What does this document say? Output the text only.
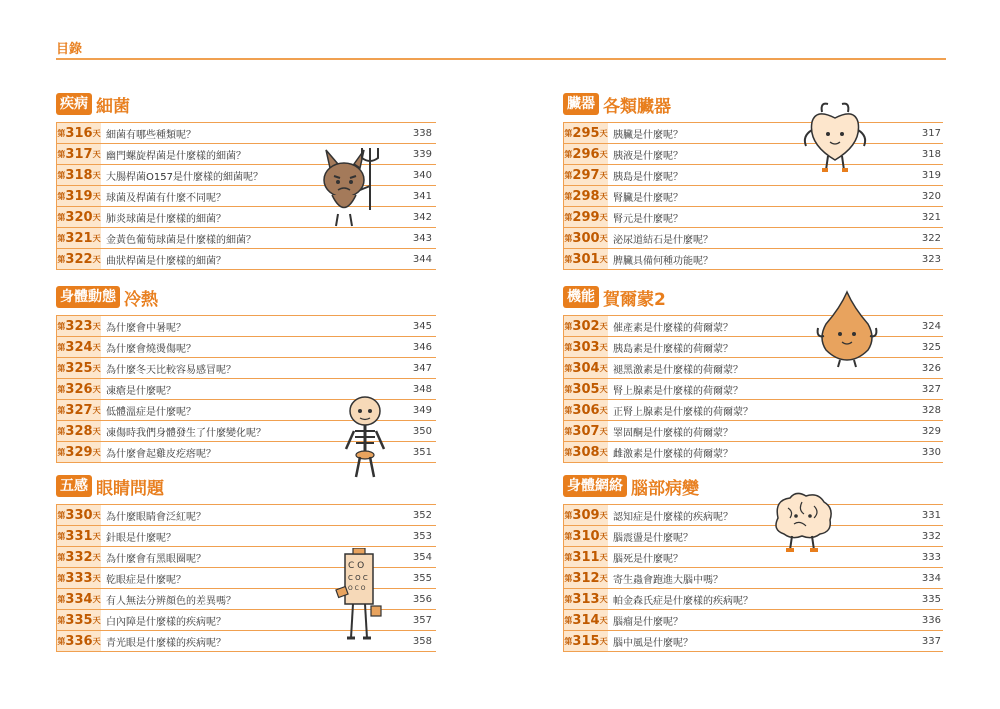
目錄
疾病 細菌
第 316 天 細菌有哪些種類呢？	338
第 317 天 幽門螺旋桿菌是什麼樣的細菌？	339
第 318 天 大腸桿菌O157是什麼樣的細菌呢？	340
第 319 天 球菌及桿菌有什麼不同呢？	341
第 320 天 肺炎球菌是什麼樣的細菌？	342
第 321 天 金黃色葡萄球菌是什麼樣的細菌？	343
第 322 天 曲狀桿菌是什麼樣的細菌？	344
身體動態 冷熱
第 323 天 為什麼會中暑呢？	345
第 324 天 為什麼會燒燙傷呢？	346
第 325 天 為什麼冬天比較容易感冒呢？	347
第 326 天 凍瘡是什麼呢？	348
第 327 天 低體溫症是什麼呢？	349
第 328 天 凍傷時我們身體發生了什麼變化呢？	350
第 329 天 為什麼會起雞皮疙瘩呢？	351
五感 眼睛問題
第 330 天 為什麼眼睛會泛紅呢？	352
第 331 天 針眼是什麼呢？	353
第 332 天 為什麼會有黑眼圈呢？	354
第 333 天 乾眼症是什麼呢？	355
第 334 天 有人無法分辨顏色的差異嗎？	356
第 335 天 白內障是什麼樣的疾病呢？	357
第 336 天 青光眼是什麼樣的疾病呢？	358
臟器 各類臟器
第 295 天 胰臟是什麼呢？	317
第 296 天 胰液是什麼呢？	318
第 297 天 胰島是什麼呢？	319
第 298 天 腎臟是什麼呢？	320
第 299 天 腎元是什麼呢？	321
第 300 天 泌尿道結石是什麼呢？	322
第 301 天 脾臟具備何種功能呢？	323
機能 賀爾蒙2
第 302 天 催產素是什麼樣的荷爾蒙？	324
第 303 天 胰島素是什麼樣的荷爾蒙？	325
第 304 天 褪黑激素是什麼樣的荷爾蒙？	326
第 305 天 腎上腺素是什麼樣的荷爾蒙？	327
第 306 天 正腎上腺素是什麼樣的荷爾蒙？	328
第 307 天 睪固酮是什麼樣的荷爾蒙？	329
第 308 天 雌激素是什麼樣的荷爾蒙？	330
身體網絡 腦部病變
第 309 天 認知症是什麼樣的疾病呢？	331
第 310 天 腦震盪是什麼呢？	332
第 311 天 腦死是什麼呢？	333
第 312 天 寄生蟲會跑進大腦中嗎？	334
第 313 天 帕金森氏症是什麼樣的疾病呢？	335
第 314 天 腦瘤是什麼呢？	336
第 315 天 腦中風是什麼呢？	337
C O
C O C
O C O
